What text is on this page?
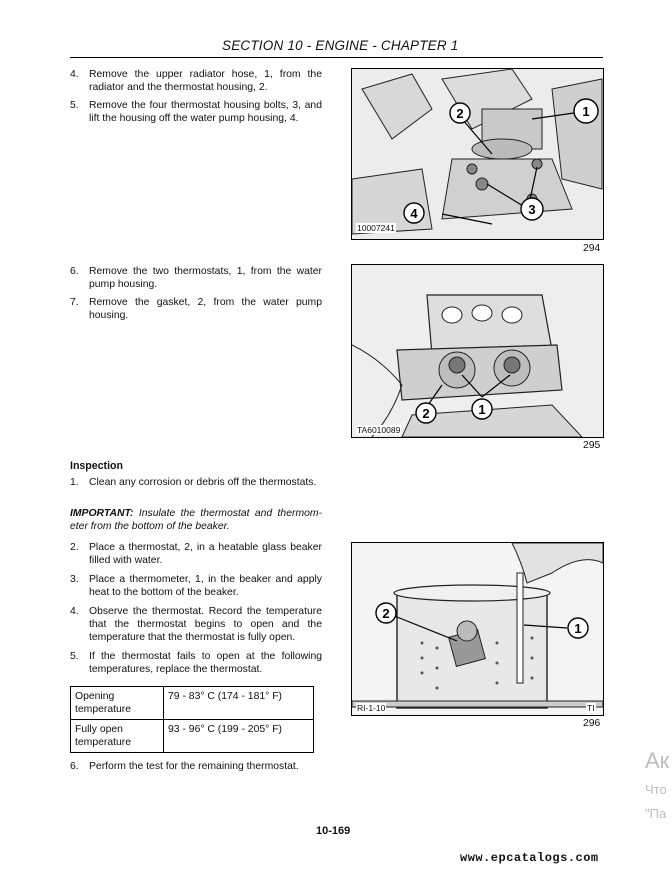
SECTION 10 - ENGINE - CHAPTER 1
4. Remove the upper radiator hose, 1, from the radiator and the thermostat housing, 2.
5. Remove the four thermostat housing bolts, 3, and lift the housing off the water pump housing, 4.	1
2
3
4
10007241
294
6. Remove the two thermostats, 1, from the water pump housing.
7. Remove the gasket, 2, from the water pump housing.
1
2
TA6010089
295
Inspection
1. Clean any corrosion or debris off the thermostats.
IMPORTANT: Insulate the thermostat and thermom-eter from the bottom of the beaker.
2. Place a thermostat, 2, in a heatable glass beaker filled with water.
3. Place a thermometer, 1, in the beaker and apply heat to the bottom of the beaker.
4. Observe the thermostat. Record the temperature that the thermostat begins to open and the temperature that the thermostat is fully open.
5. If the thermostat fails to open at the following temperatures, replace the thermostat.
Opening temperature	79 - 83° C (174 - 181° F)
Fully open temperature	93 - 96° C (199 - 205° F)
6. Perform the test for the remaining thermostat.
2
1
RI-1-10	TI
296
10-169
Ак
Что
"Па
www.epcatalogs.com
